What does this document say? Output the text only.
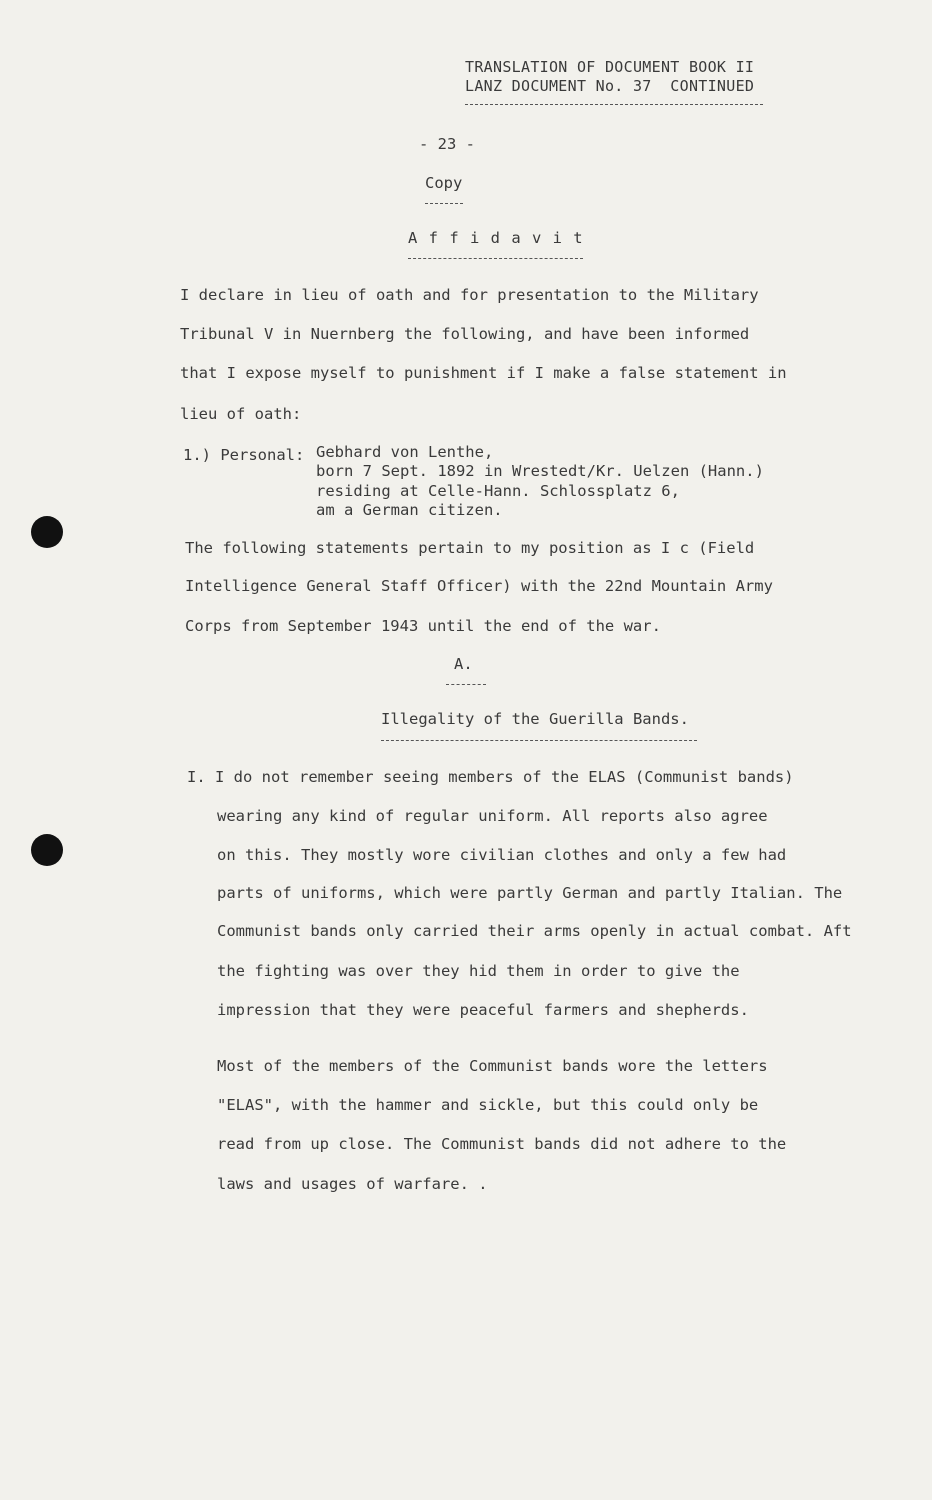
TRANSLATION OF DOCUMENT BOOK II
LANZ DOCUMENT No. 37  CONTINUED
- 23 -
Copy
A f f i d a v i t
I declare in lieu of oath and for presentation to the Military
Tribunal V in Nuernberg the following, and have been informed
that I expose myself to punishment if I make a false statement in
lieu of oath:
1.) Personal: Gebhard von Lenthe,
born 7 Sept. 1892 in Wrestedt/Kr. Uelzen (Hann.)
residing at Celle-Hann. Schlossplatz 6,
am a German citizen.
The following statements pertain to my position as I c (Field
Intelligence General Staff Officer) with the 22nd Mountain Army
Corps from September 1943 until the end of the war.
A.
Illegality of the Guerilla Bands.
I. I do not remember seeing members of the ELAS (Communist bands)
wearing any kind of regular uniform. All reports also agree
on this. They mostly wore civilian clothes and only a few had
parts of uniforms, which were partly German and partly Italian. The
Communist bands only carried their arms openly in actual combat. Aft
the fighting was over they hid them in order to give the
impression that they were peaceful farmers and shepherds.
Most of the members of the Communist bands wore the letters
"ELAS", with the hammer and sickle, but this could only be
read from up close. The Communist bands did not adhere to the
laws and usages of warfare. .
